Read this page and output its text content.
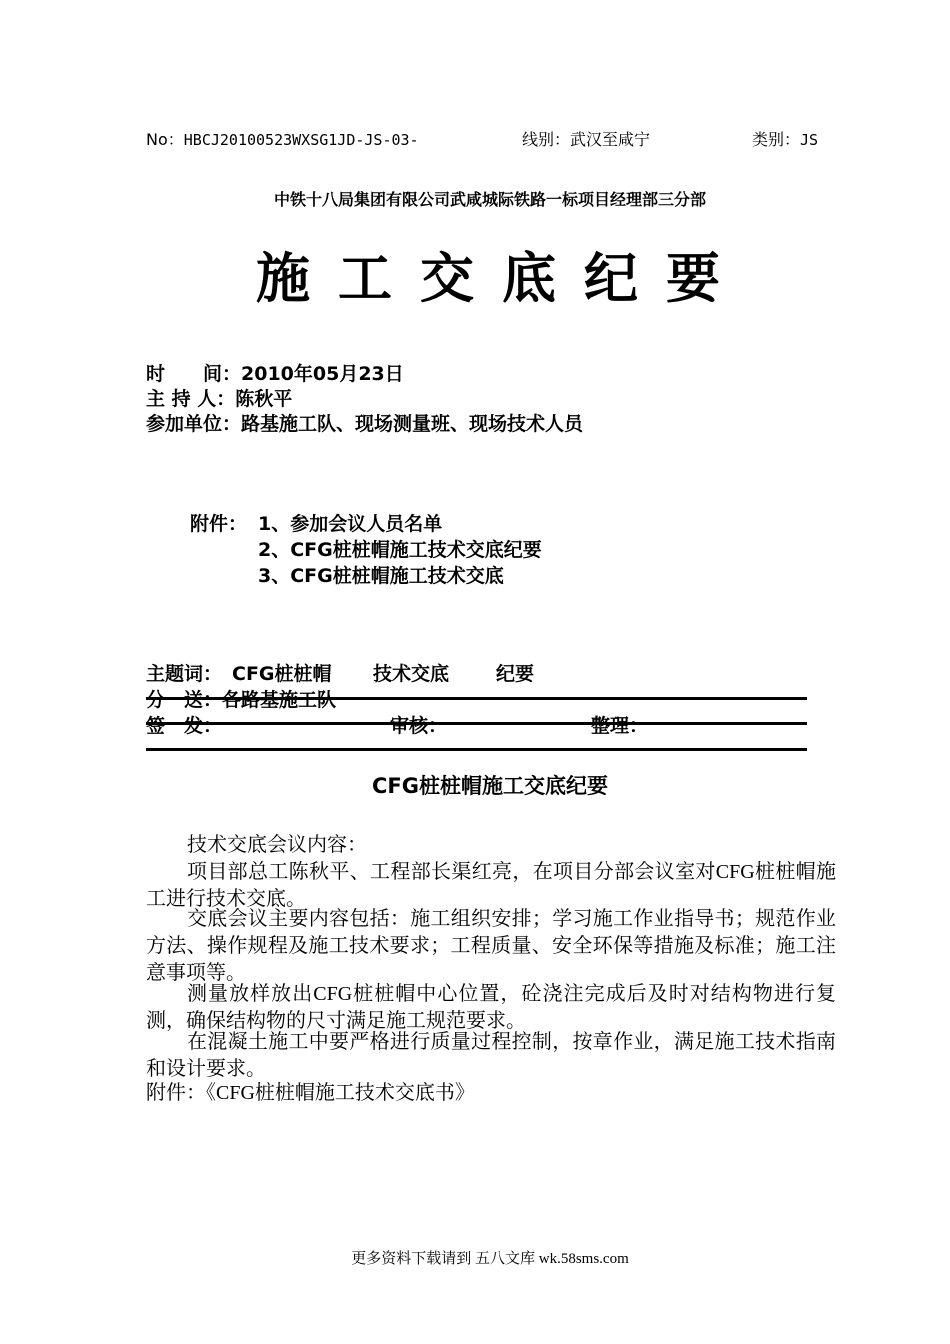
No：HBCJ20100523WXSG1JD-JS-03-	线别：武汉至咸宁	类别：JS
中铁十八局集团有限公司武咸城际铁路一标项目经理部三分部
施工交底纪要
时　　间：2010年05月23日
主 持 人：陈秋平
参加单位：路基施工队、现场测量班、现场技术人员
附件： 1、参加会议人员名单
2、CFG桩桩帽施工技术交底纪要
3、CFG桩桩帽施工技术交底
主题词： CFG桩桩帽 技术交底 纪要
分　送：各路基施工队
签　发：	审核：	整理：
CFG桩桩帽施工交底纪要
技术交底会议内容：
项目部总工陈秋平、工程部长渠红亮，在项目分部会议室对CFG桩桩帽施工进行技术交底。
交底会议主要内容包括：施工组织安排；学习施工作业指导书；规范作业方法、操作规程及施工技术要求；工程质量、安全环保等措施及标准；施工注意事项等。
测量放样放出CFG桩桩帽中心位置，砼浇注完成后及时对结构物进行复测，确保结构物的尺寸满足施工规范要求。
在混凝土施工中要严格进行质量过程控制，按章作业，满足施工技术指南和设计要求。
附件：《CFG桩桩帽施工技术交底书》
更多资料下载请到 五八文库 wk.58sms.com
